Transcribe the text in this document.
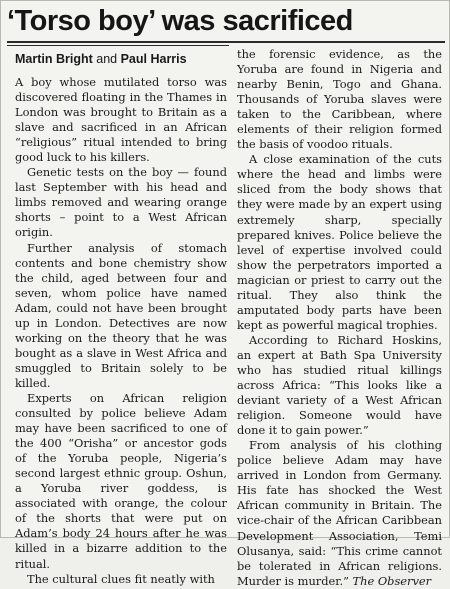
‘Torso boy’ was sacrificed
Martin Bright and Paul Harris

A boy whose mutilated torso was discovered floating in the Thames in London was brought to Britain as a slave and sacrificed in an African “religious” ritual intended to bring good luck to his killers.

Genetic tests on the boy — found last September with his head and limbs removed and wearing orange shorts – point to a West African origin.

Further analysis of stomach contents and bone chemistry show the child, aged between four and seven, whom police have named Adam, could not have been brought up in London. Detectives are now working on the theory that he was bought as a slave in West Africa and smuggled to Britain solely to be killed.

Experts on African religion consulted by police believe Adam may have been sacrificed to one of the 400 “Orisha” or ancestor gods of the Yoruba people, Nigeria’s second largest ethnic group. Oshun, a Yoruba river goddess, is associated with orange, the colour of the shorts that were put on Adam’s body 24 hours after he was killed in a bizarre addition to the ritual.

The cultural clues fit neatly with

the forensic evidence, as the Yoruba are found in Nigeria and nearby Benin, Togo and Ghana. Thousands of Yoruba slaves were taken to the Caribbean, where elements of their religion formed the basis of voodoo rituals.

A close examination of the cuts where the head and limbs were sliced from the body shows that they were made by an expert using extremely sharp, specially prepared knives. Police believe the level of expertise involved could show the perpetrators imported a magician or priest to carry out the ritual. They also think the amputated body parts have been kept as powerful magical trophies.

According to Richard Hoskins, an expert at Bath Spa University who has studied ritual killings across Africa: “This looks like a deviant variety of a West African religion. Someone would have done it to gain power.”

From analysis of his clothing police believe Adam may have arrived in London from Germany. His fate has shocked the West African community in Britain. The vice-chair of the African Caribbean Development Association, Temi Olusanya, said: “This crime cannot be tolerated in African religions. Murder is murder.” The Observer
